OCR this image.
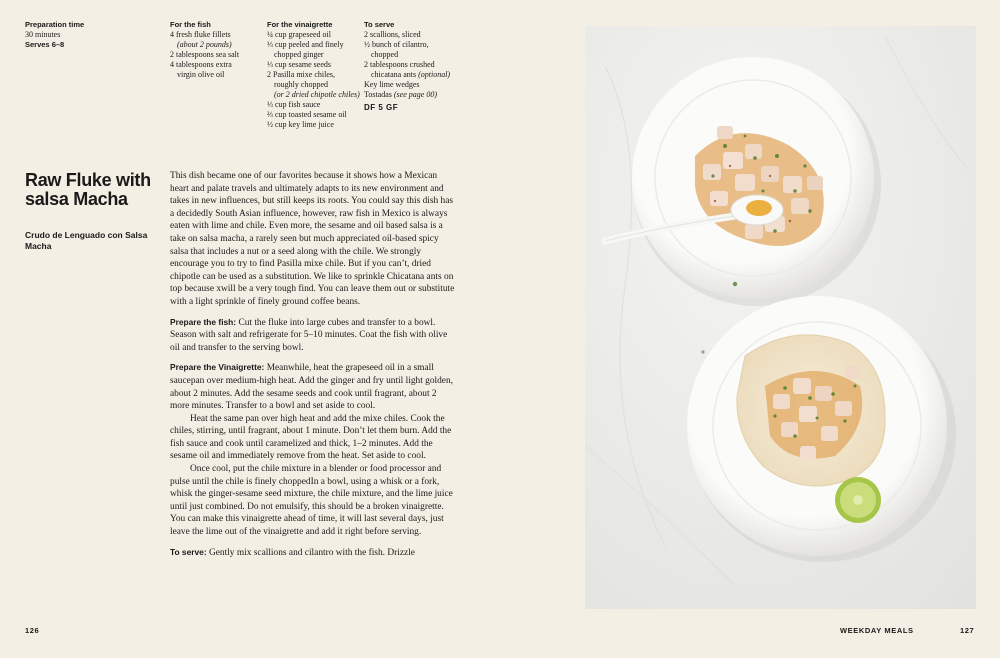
Preparation time
30 minutes
Serves 6–8
For the fish
4 fresh fluke fillets
(about 2 pounds)
2 tablespoons sea salt
4 tablespoons extra
virgin olive oil
For the vinaigrette
¼ cup grapeseed oil
⅓ cup peeled and finely
chopped ginger
⅓ cup sesame seeds
2 Pasilla mixe chiles,
roughly chopped
(or 2 dried chipotle chiles)
⅓ cup fish sauce
⅔ cup toasted sesame oil
½ cup key lime juice
To serve
2 scallions, sliced
½ bunch of cilantro,
chopped
2 tablespoons crushed
chicatana ants (optional)
Key lime wedges
Tostadas (see page 00)
DF 5 GF
Raw Fluke with salsa Macha
Crudo de Lenguado con Salsa Macha

This dish became one of our favorites because it shows how a Mexican heart and palate travels and ultimately adapts to its new environment and takes in new influences, but still keeps its roots. You could say this dish has a decidedly South Asian influence, however, raw fish in Mexico is always eaten with lime and chile. Even more, the sesame and oil based salsa is a take on salsa macha, a rarely seen but much appreciated oil-based spicy salsa that includes a nut or a seed along with the chile. We strongly encourage you to try to find Pasilla mixe chile. But if you can’t, dried chipotle can be used as a substitution. We like to sprinkle Chicatana ants on top because xwill be a very tough find. You can leave them out or substitute with a light sprinkle of finely ground coffee beans.

Prepare the fish: Cut the fluke into large cubes and transfer to a bowl. Season with salt and refrigerate for 5–10 minutes. Coat the fish with olive oil and transfer to the serving bowl.

Prepare the Vinaigrette: Meanwhile, heat the grapeseed oil in a small saucepan over medium-high heat. Add the ginger and fry until light golden, about 2 minutes. Add the sesame seeds and cook until fragrant, about 2 more minutes. Transfer to a bowl and set aside to cool.

Heat the same pan over high heat and add the mixe chiles. Cook the chiles, stirring, until fragrant, about 1 minute. Don’t let them burn. Add the fish sauce and cook until caramelized and thick, 1–2 minutes. Add the sesame oil and immediately remove from the heat. Set aside to cool.

Once cool, put the chile mixture in a blender or food processor and pulse until the chile is finely choppedIn a bowl, using a whisk or a fork, whisk the ginger-sesame seed mixture, the chile mixture, and the lime juice until just combined. Do not emulsify, this should be a broken vinaigrette. You can make this vinaigrette ahead of time, it will last several days, just leave the lime out of the vinaigrette and add it right before serving.

To serve: Gently mix scallions and cilantro with the fish. Drizzle

126	WEEKDAY MEALS	127
